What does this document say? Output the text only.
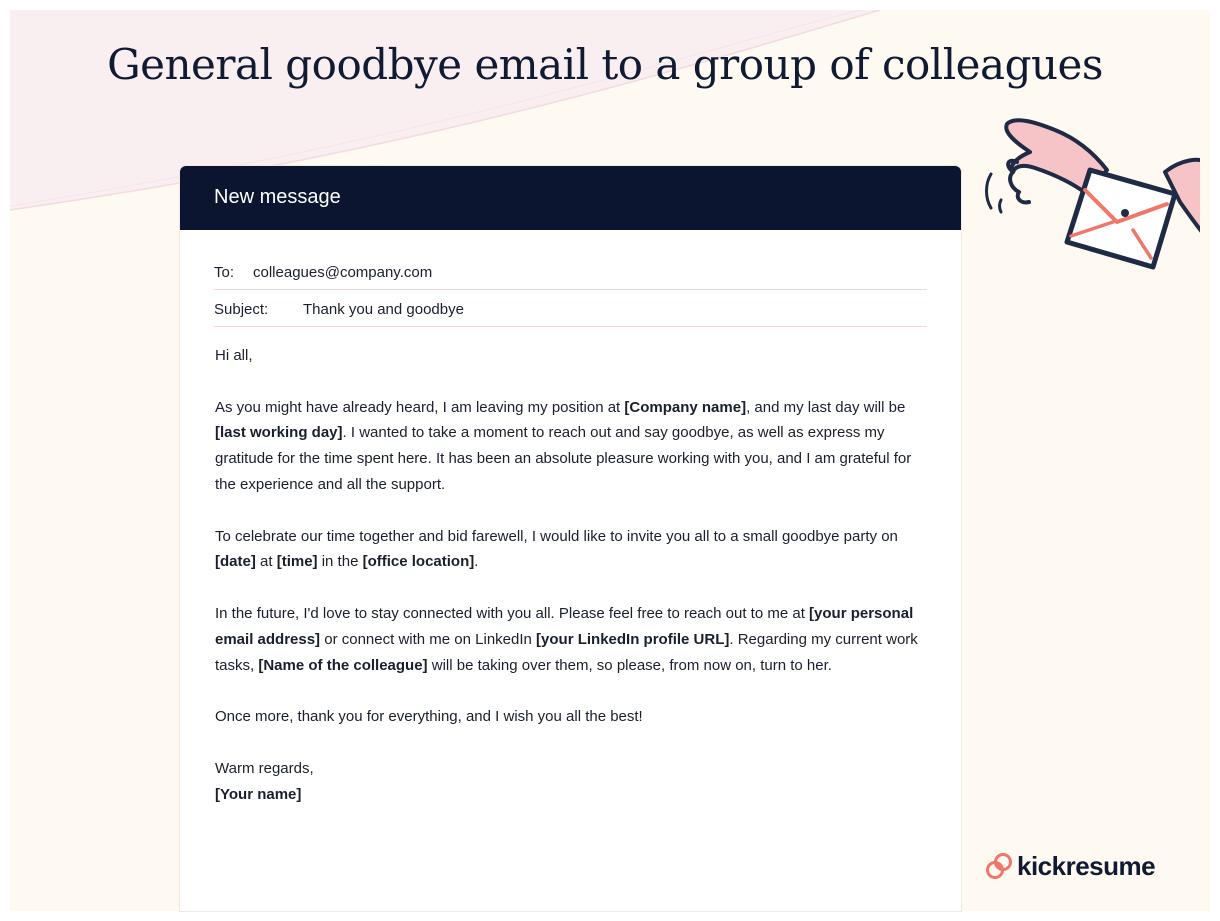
General goodbye email to a group of colleagues
New message
To: colleagues@company.com
Subject: Thank you and goodbye

Hi all,

As you might have already heard, I am leaving my position at [Company name], and my last day will be [last working day]. I wanted to take a moment to reach out and say goodbye, as well as express my gratitude for the time spent here. It has been an absolute pleasure working with you, and I am grateful for the experience and all the support.

To celebrate our time together and bid farewell, I would like to invite you all to a small goodbye party on [date] at [time] in the [office location].

In the future, I'd love to stay connected with you all. Please feel free to reach out to me at [your personal email address] or connect with me on LinkedIn [your LinkedIn profile URL]. Regarding my current work tasks, [Name of the colleague] will be taking over them, so please, from now on, turn to her.

Once more, thank you for everything, and I wish you all the best!

Warm regards,
[Your name]
kickresume
